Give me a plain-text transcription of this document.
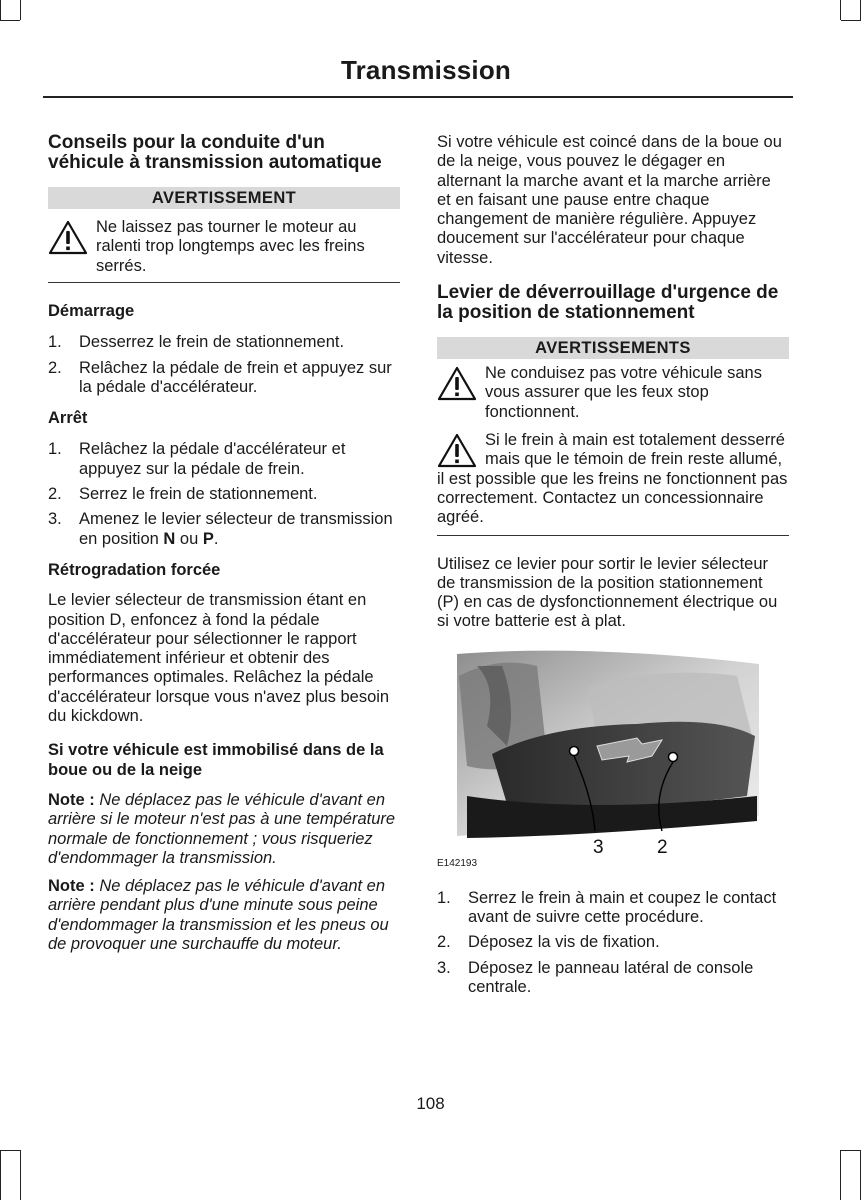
Transmission
Conseils pour la conduite d'un véhicule à transmission automatique
AVERTISSEMENT

Ne laissez pas tourner le moteur au ralenti trop longtemps avec les freins serrés.

Démarrage
1. Desserrez le frein de stationnement.
2. Relâchez la pédale de frein et appuyez sur la pédale d'accélérateur.
Arrêt
1. Relâchez la pédale d'accélérateur et appuyez sur la pédale de frein.
2. Serrez le frein de stationnement.
3. Amenez le levier sélecteur de transmission en position N ou P.
Rétrogradation forcée

Le levier sélecteur de transmission étant en position D, enfoncez à fond la pédale d'accélérateur pour sélectionner le rapport immédiatement inférieur et obtenir des performances optimales. Relâchez la pédale d'accélérateur lorsque vous n'avez plus besoin du kickdown.

Si votre véhicule est immobilisé dans de la boue ou de la neige

Note : Ne déplacez pas le véhicule d'avant en arrière si le moteur n'est pas à une température normale de fonctionnement ; vous risqueriez d'endommager la transmission.

Note : Ne déplacez pas le véhicule d'avant en arrière pendant plus d'une minute sous peine d'endommager la transmission et les pneus ou de provoquer une surchauffe du moteur.

Si votre véhicule est coincé dans de la boue ou de la neige, vous pouvez le dégager en alternant la marche avant et la marche arrière et en faisant une pause entre chaque changement de manière régulière. Appuyez doucement sur l'accélérateur pour chaque vitesse.

Levier de déverrouillage d'urgence de la position de stationnement
AVERTISSEMENTS

Ne conduisez pas votre véhicule sans vous assurer que les feux stop fonctionnent.

Si le frein à main est totalement desserré mais que le témoin de frein reste allumé, il est possible que les freins ne fonctionnent pas correctement. Contactez un concessionnaire agréé.

Utilisez ce levier pour sortir le levier sélecteur de transmission de la position stationnement (P) en cas de dysfonctionnement électrique ou si votre batterie est à plat.

3	2
E142193
1. Serrez le frein à main et coupez le contact avant de suivre cette procédure.
2. Déposez la vis de fixation.
3. Déposez le panneau latéral de console centrale.
108
